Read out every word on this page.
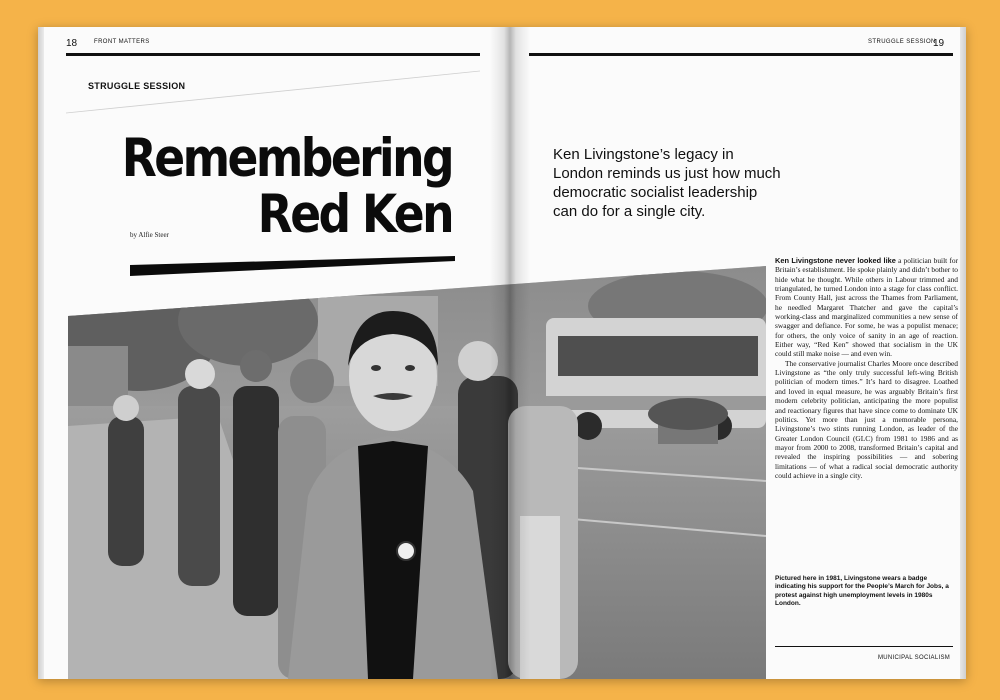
18	FRONT MATTERS
STRUGGLE SESSION
Remembering
Red Ken
by Alfie Steer
STRUGGLE SESSION
19
Ken Livingstone’s legacy in London reminds us just how much democratic socialist leadership can do for a single city.

Ken Livingstone never looked like a politician built for Britain’s establishment. He spoke plainly and didn’t bother to hide what he thought. While others in Labour trimmed and triangulated, he turned London into a stage for class conflict. From County Hall, just across the Thames from Parliament, he needled Margaret Thatcher and gave the capital’s working-class and marginalized communities a new sense of swagger and defiance. For some, he was a populist menace; for others, the only voice of sanity in an age of reaction. Either way, “Red Ken” showed that socialism in the UK could still make noise — and even win.

The conservative journalist Charles Moore once described Livingstone as “the only truly successful left-wing British politician of modern times.” It’s hard to disagree. Loathed and loved in equal measure, he was arguably Britain’s first modern celebrity politician, anticipating the more populist and reactionary figures that have since come to dominate UK politics. Yet more than just a memorable persona, Livingstone’s two stints running London, as leader of the Greater London Council (GLC) from 1981 to 1986 and as mayor from 2000 to 2008, transformed Britain’s capital and revealed the inspiring possibilities — and sobering limitations — of what a radical social democratic authority could achieve in a single city.

Pictured here in 1981, Livingstone wears a badge indicating his support for the People’s March for Jobs, a protest against high unemployment levels in 1980s London.
MUNICIPAL SOCIALISM
